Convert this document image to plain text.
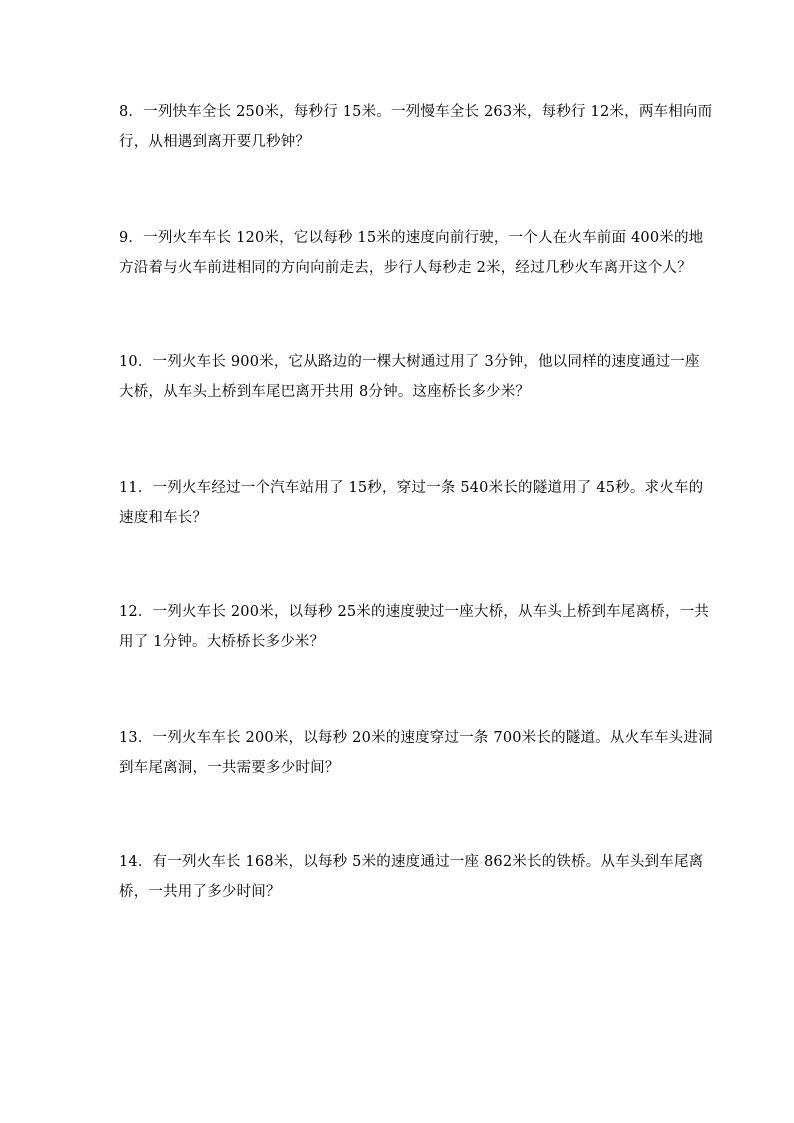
8．一列快车全长 250米，每秒行 15米。一列慢车全长 263米，每秒行 12米，两车相向而

行，从相遇到离开要几秒钟？

9．一列火车车长 120米，它以每秒 15米的速度向前行驶，一个人在火车前面 400米的地

方沿着与火车前进相同的方向向前走去，步行人每秒走 2米，经过几秒火车离开这个人？

10．一列火车长 900米，它从路边的一棵大树通过用了 3分钟，他以同样的速度通过一座

大桥，从车头上桥到车尾巴离开共用 8分钟。这座桥长多少米？

11．一列火车经过一个汽车站用了 15秒，穿过一条 540米长的隧道用了 45秒。求火车的

速度和车长？

12．一列火车长 200米，以每秒 25米的速度驶过一座大桥，从车头上桥到车尾离桥，一共

用了 1分钟。大桥桥长多少米？

13．一列火车车长 200米，以每秒 20米的速度穿过一条 700米长的隧道。从火车车头进洞

到车尾离洞，一共需要多少时间？

14．有一列火车长 168米，以每秒 5米的速度通过一座 862米长的铁桥。从车头到车尾离

桥，一共用了多少时间？
